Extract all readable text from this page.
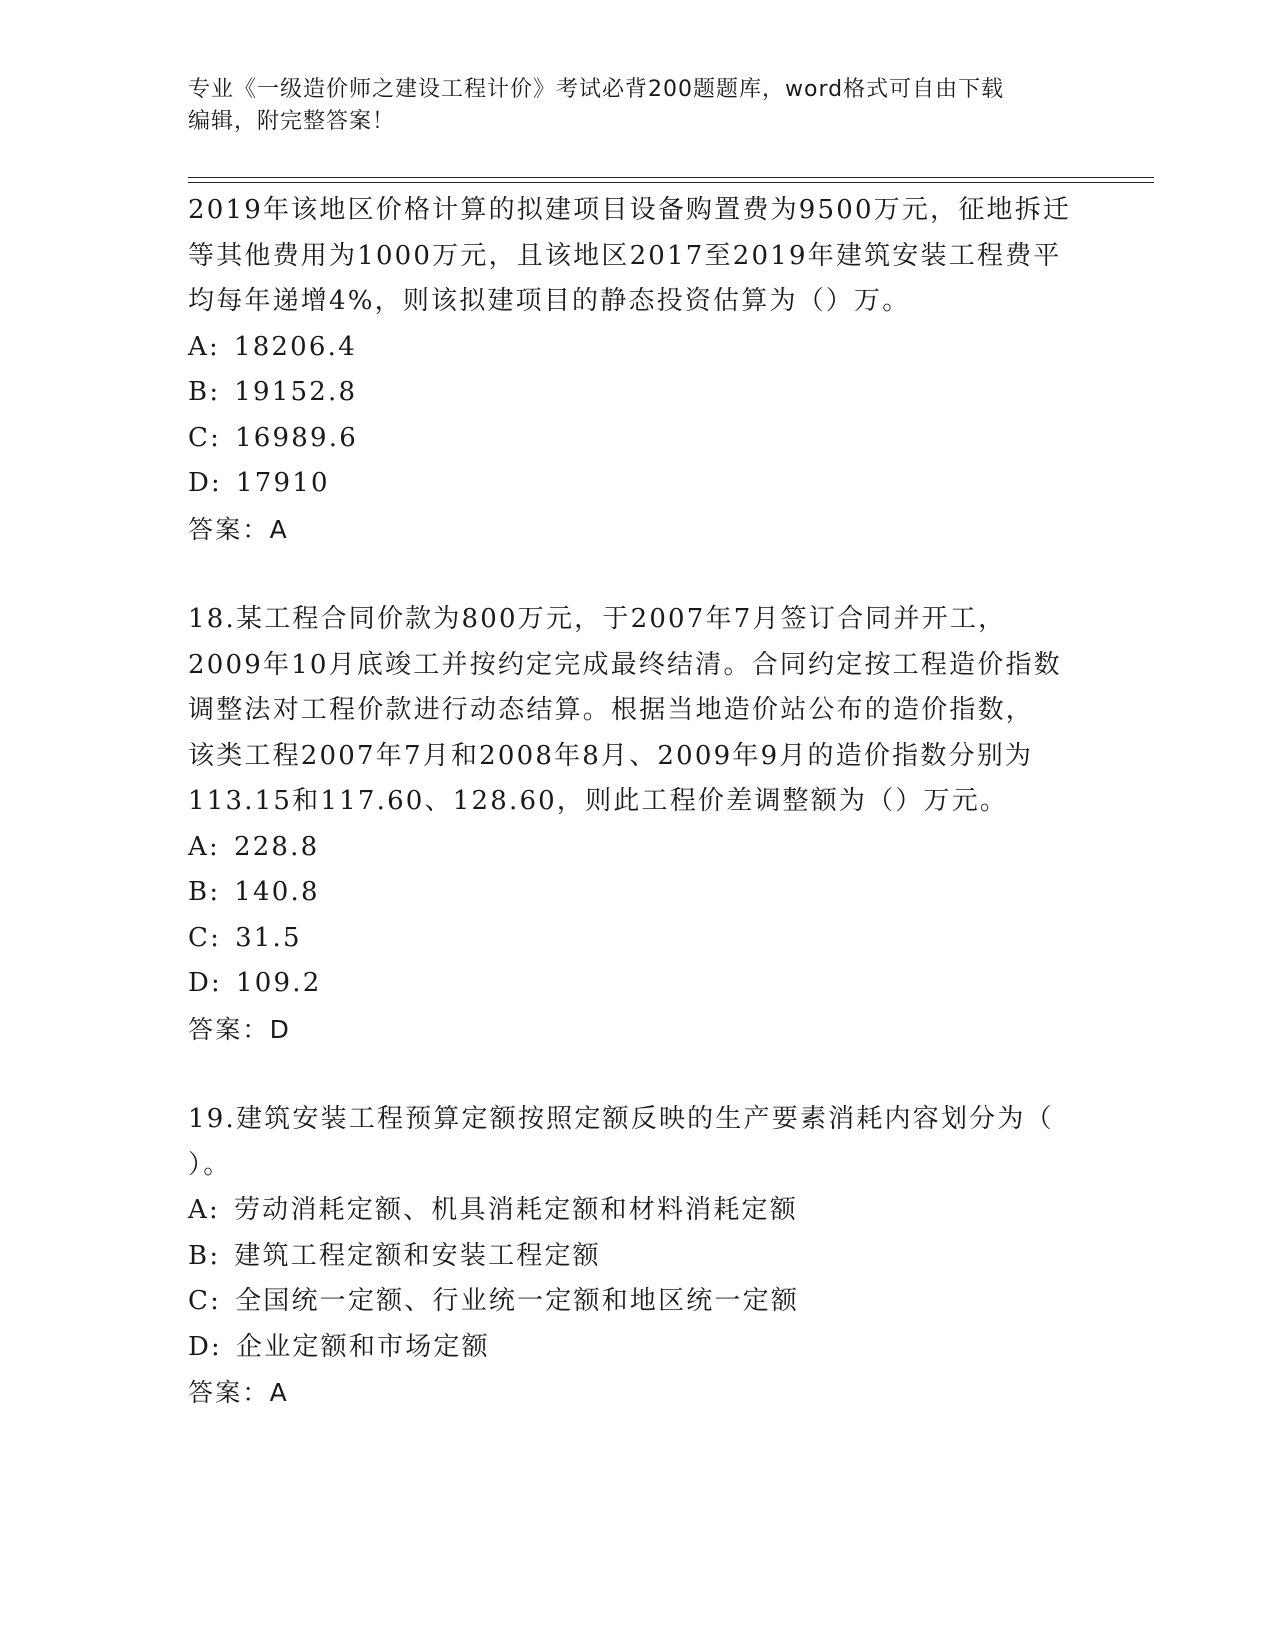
专业《一级造价师之建设工程计价》考试必背200题题库，word格式可自由下载
编辑，附完整答案！

2019年该地区价格计算的拟建项目设备购置费为9500万元，征地拆迁

等其他费用为1000万元，且该地区2017至2019年建筑安装工程费平

均每年递增4%，则该拟建项目的静态投资估算为（）万。

A: 18206.4

B: 19152.8

C: 16989.6

D: 17910

答案：A

18.某工程合同价款为800万元，于2007年7月签订合同并开工，

2009年10月底竣工并按约定完成最终结清。合同约定按工程造价指数

调整法对工程价款进行动态结算。根据当地造价站公布的造价指数，

该类工程2007年7月和2008年8月、2009年9月的造价指数分别为

113.15和117.60、128.60，则此工程价差调整额为（）万元。

A: 228.8

B: 140.8

C: 31.5

D: 109.2

答案：D

19.建筑安装工程预算定额按照定额反映的生产要素消耗内容划分为（

）。

A: 劳动消耗定额、机具消耗定额和材料消耗定额

B: 建筑工程定额和安装工程定额

C: 全国统一定额、行业统一定额和地区统一定额

D: 企业定额和市场定额

答案：A
